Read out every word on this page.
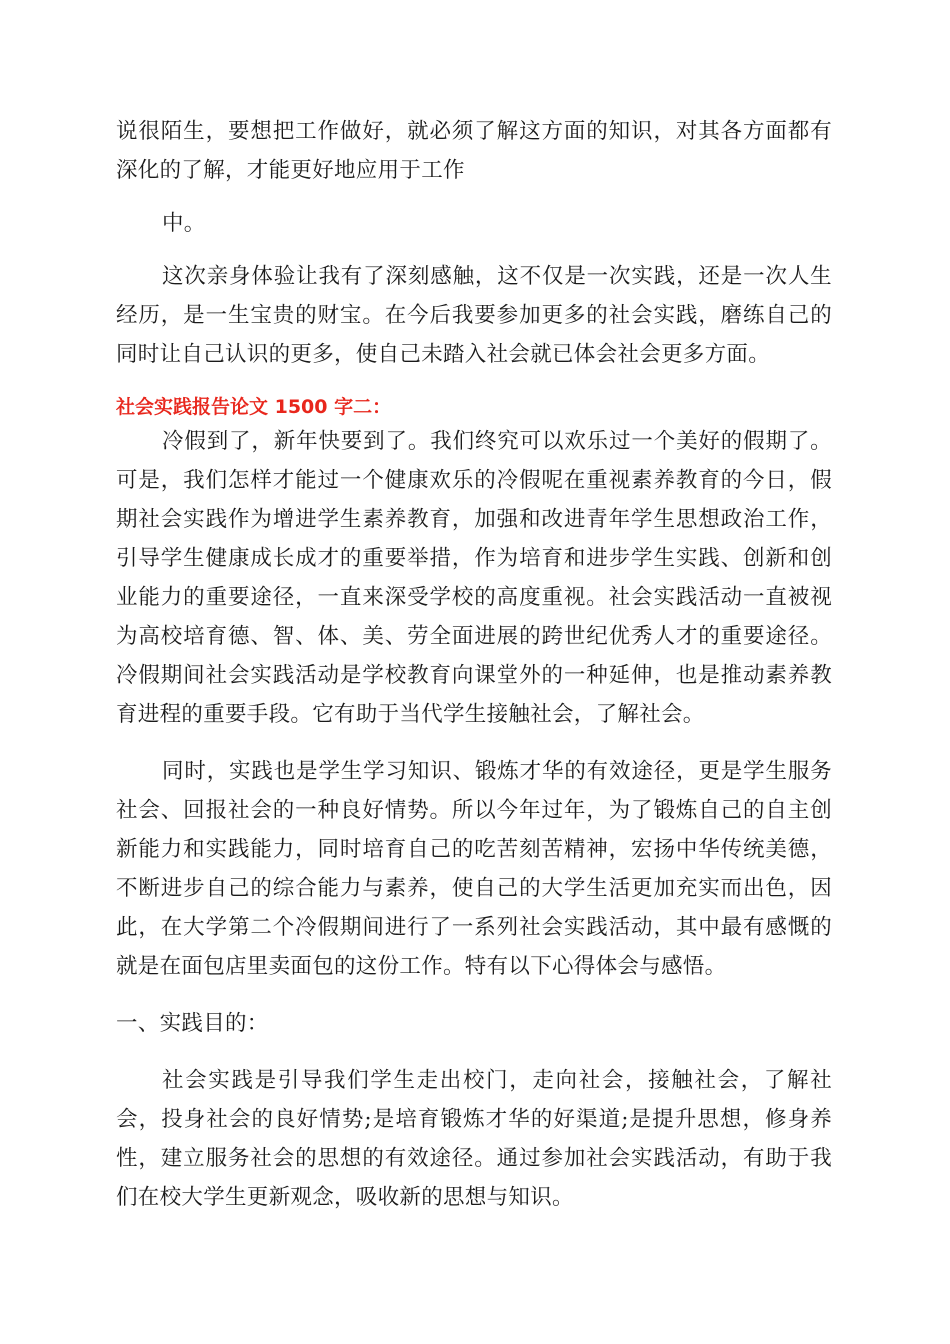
说很陌生，要想把工作做好，就必须了解这方面的知识，对其各方面都有深化的了解，才能更好地应用于工作

中。

这次亲身体验让我有了深刻感触，这不仅是一次实践，还是一次人生经历，是一生宝贵的财宝。在今后我要参加更多的社会实践，磨练自己的同时让自己认识的更多，使自己未踏入社会就已体会社会更多方面。

社会实践报告论文 1500 字二：

冷假到了，新年快要到了。我们终究可以欢乐过一个美好的假期了。可是，我们怎样才能过一个健康欢乐的冷假呢在重视素养教育的今日，假期社会实践作为增进学生素养教育，加强和改进青年学生思想政治工作，引导学生健康成长成才的重要举措，作为培育和进步学生实践、创新和创业能力的重要途径，一直来深受学校的高度重视。社会实践活动一直被视为高校培育德、智、体、美、劳全面进展的跨世纪优秀人才的重要途径。冷假期间社会实践活动是学校教育向课堂外的一种延伸，也是推动素养教育进程的重要手段。它有助于当代学生接触社会，了解社会。

同时，实践也是学生学习知识、锻炼才华的有效途径，更是学生服务社会、回报社会的一种良好情势。所以今年过年，为了锻炼自己的自主创新能力和实践能力，同时培育自己的吃苦刻苦精神，宏扬中华传统美德，不断进步自己的综合能力与素养，使自己的大学生活更加充实而出色，因此，在大学第二个冷假期间进行了一系列社会实践活动，其中最有感慨的就是在面包店里卖面包的这份工作。特有以下心得体会与感悟。

一、实践目的：

社会实践是引导我们学生走出校门，走向社会，接触社会，了解社会，投身社会的良好情势;是培育锻炼才华的好渠道;是提升思想，修身养性，建立服务社会的思想的有效途径。通过参加社会实践活动，有助于我们在校大学生更新观念，吸收新的思想与知识。
